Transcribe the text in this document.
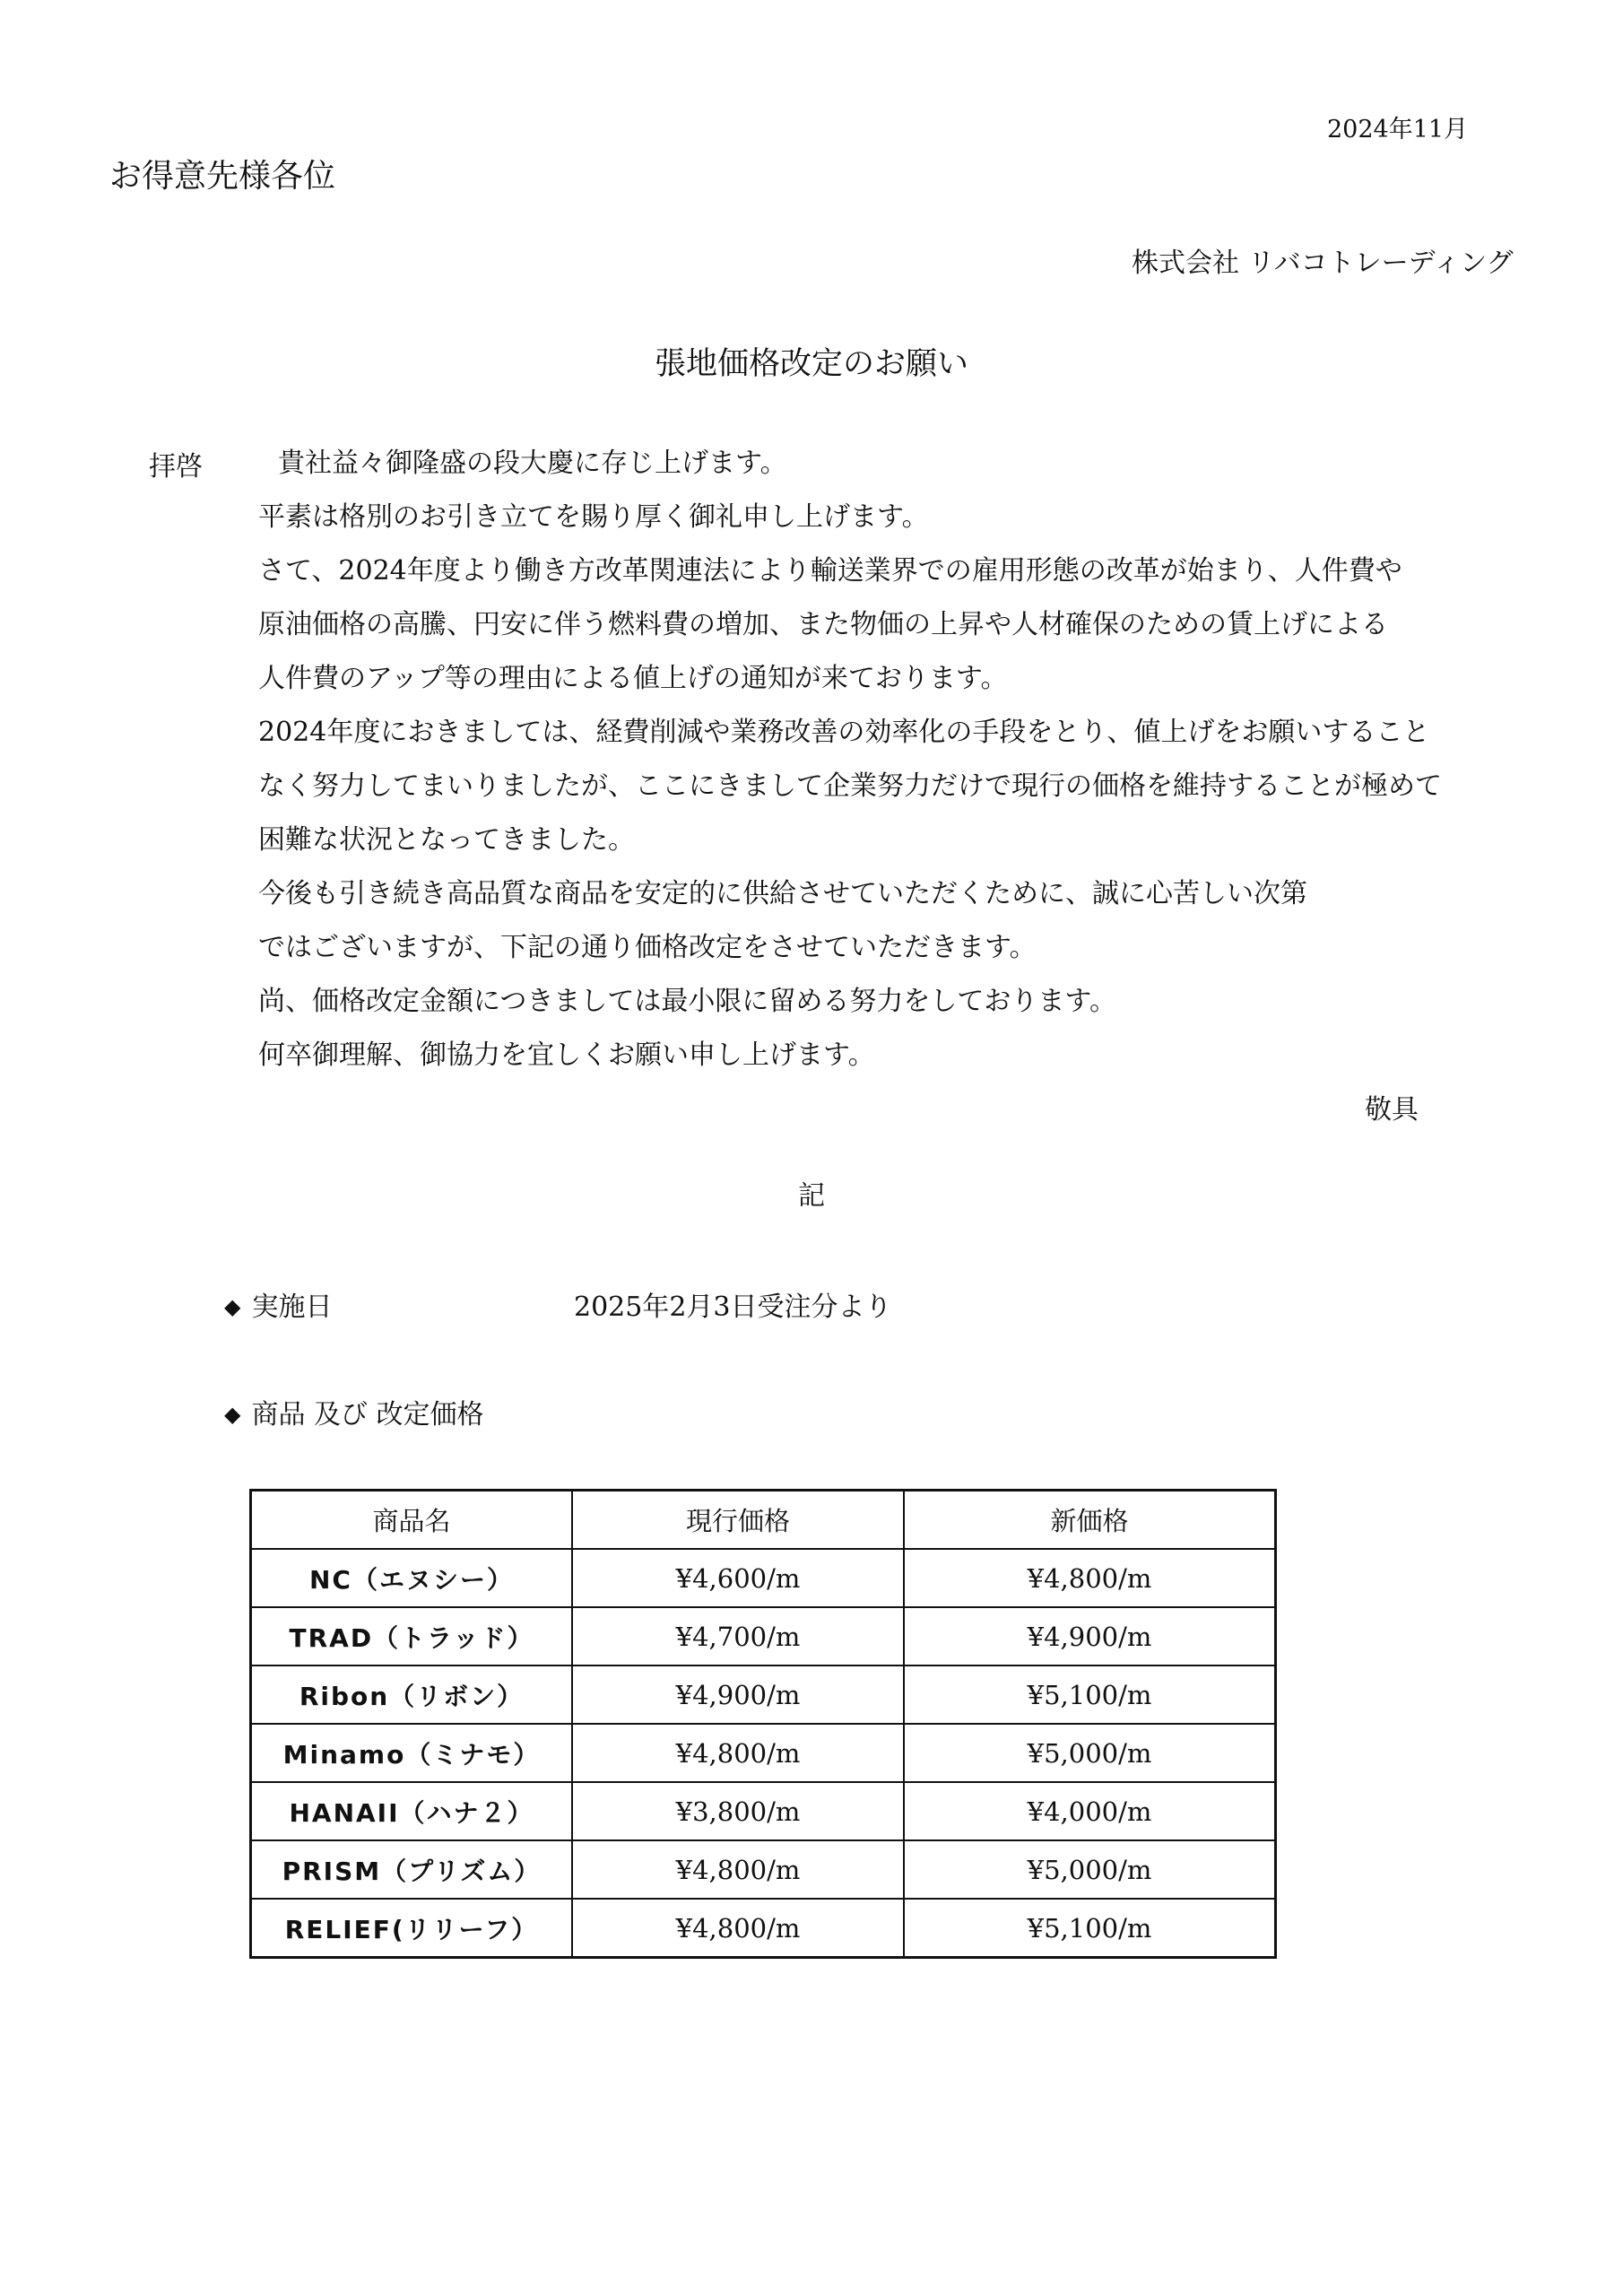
2024年11月
お得意先様各位
株式会社 リバコトレーディング
張地価格改定のお願い
拝啓	貴社益々御隆盛の段大慶に存じ上げます。
平素は格別のお引き立てを賜り厚く御礼申し上げます。
さて、2024年度より働き方改革関連法により輸送業界での雇用形態の改革が始まり、人件費や
原油価格の高騰、円安に伴う燃料費の増加、また物価の上昇や人材確保のための賃上げによる
人件費のアップ等の理由による値上げの通知が来ております。
2024年度におきましては、経費削減や業務改善の効率化の手段をとり、値上げをお願いすること
なく努力してまいりましたが、ここにきまして企業努力だけで現行の価格を維持することが極めて
困難な状況となってきました。
今後も引き続き高品質な商品を安定的に供給させていただくために、誠に心苦しい次第
ではございますが、下記の通り価格改定をさせていただきます。
尚、価格改定金額につきましては最小限に留める努力をしております。
何卒御理解、御協力を宜しくお願い申し上げます。
敬具
記
◆ 実施日	2025年2月3日受注分より
◆ 商品 及び 改定価格
商品名	現行価格	新価格
NC（エヌシー）	¥4,600/m	¥4,800/m
TRAD（トラッド）	¥4,700/m	¥4,900/m
Ribon（リボン）	¥4,900/m	¥5,100/m
Minamo（ミナモ）	¥4,800/m	¥5,000/m
HANAII（ハナ２）	¥3,800/m	¥4,000/m
PRISM（プリズム）	¥4,800/m	¥5,000/m
RELIEF(リリーフ）	¥4,800/m	¥5,100/m
